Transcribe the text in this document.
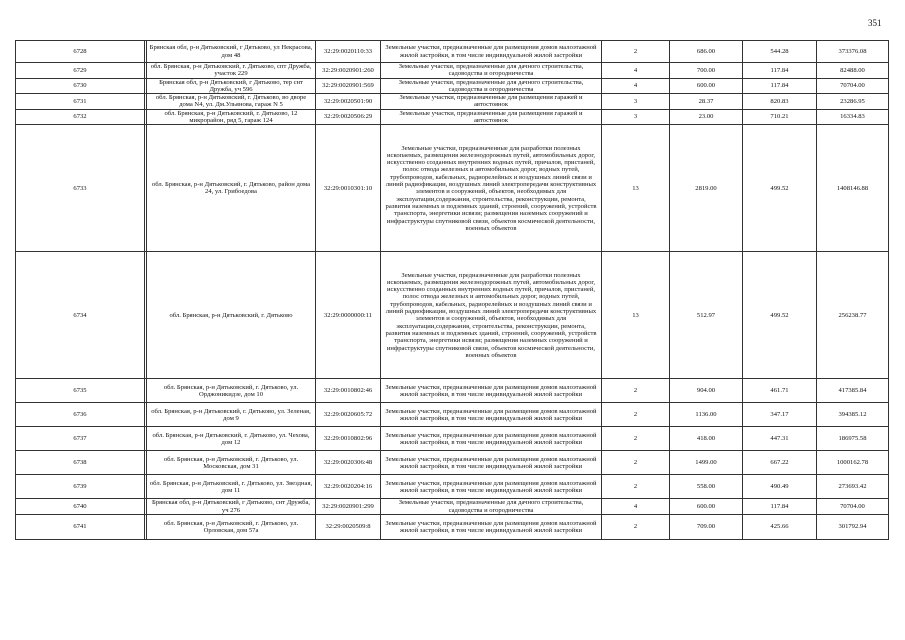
351
6728		Брянская обл, р-н Дятьковский, г Дятьково, ул Некрасова, дом 48	32:29:0020110:33	Земельные участки, предназначенные для размещения домов малоэтажной жилой застройки, в том числе индивидуальной жилой застройки	2	686.00	544.28	373376.08
6729		обл. Брянская, р-н Дятьковский, г. Дятьково, спт Дружба, участок 229	32:29:0020901:260	Земельные участки, предназначенные для дачного строительства, садоводства и огородничества	4	700.00	117.84	82488.00
6730		Брянская обл, р-н Дятьковский, г Дятьково, тер снт Дружба, уч 596	32:29:0020901:569	Земельные участки, предназначенные для дачного строительства, садоводства и огородничества	4	600.00	117.84	70704.00
6731		обл. Брянская, р-н Дятьковский, г. Дятьково, во дворе дома N4, ул. Дм.Ульянова, гараж N 5	32:29:0020501:90	Земельные участки, предназначенные для размещения гаражей и автостоянок	3	28.37	820.83	23286.95
6732		обл. Брянская, р-н Дятьковский, г. Дятьково, 12 микрорайон, ряд 5, гараж 124	32:29:0020506:29	Земельные участки, предназначенные для размещения гаражей и автостоянок	3	23.00	710.21	16334.83
6733		обл. Брянская, р-н Дятьковский, г. Дятьково, район дома 24, ул. Грибоедова	32:29:0010301:10	Земельные участки, предназначенные для разработки полезных ископаемых, размещения железнодорожных путей, автомобильных дорог, искусственно созданных внутренних водных путей, причалов, пристаней, полос отвода железных и автомобильных дорог, водных путей, трубопроводов, кабельных, радиорелейных и воздушных линий связи и линий радиофикации, воздушных линий электропередачи конструктивных элементов и сооружений, объектов, необходимых для эксплуатации,содержания, строительства, реконструкции, ремонта, развития наземных и подземных зданий, строений, сооружений, устройств транспорта, энергетики исвязи; размещения наземных сооружений и инфраструктуры спутниковой связи, объектов космической деятельности, военных объектов	13	2819.00	499.52	1408146.88
6734		обл. Брянская, р-н Дятьковский, г. Дятьково	32:29:0000000:11	Земельные участки, предназначенные для разработки полезных ископаемых, размещения железнодорожных путей, автомобильных дорог, искусственно созданных внутренних водных путей, причалов, пристаней, полос отвода железных и автомобильных дорог, водных путей, трубопроводов, кабельных, радиорелейных и воздушных линий связи и линий радиофикации, воздушных линий электропередачи конструктивных элементов и сооружений, объектов, необходимых для эксплуатации,содержания, строительства, реконструкции, ремонта, развития наземных и подземных зданий, строений, сооружений, устройств транспорта, энергетики исвязи; размещения наземных сооружений и инфраструктуры спутниковой связи, объектов космической деятельности, военных объектов	13	512.97	499.52	256238.77
6735		обл. Брянская, р-н Дятьковский, г. Дятьково, ул. Орджоникидзе, дом 10	32:29:0010802:46	Земельные участки, предназначенные для размещения домов малоэтажной жилой застройки, в том числе индивидуальной жилой застройки	2	904.00	461.71	417385.84
6736		обл. Брянская, р-н Дятьковский, г. Дятьково, ул. Зеленая, дом 9	32:29:0020605:72	Земельные участки, предназначенные для размещения домов малоэтажной жилой застройки, в том числе индивидуальной жилой застройки	2	1136.00	347.17	394385.12
6737		обл. Брянская, р-н Дятьковский, г. Дятьково, ул. Чехова, дом 12	32:29:0010802:96	Земельные участки, предназначенные для размещения домов малоэтажной жилой застройки, в том числе индивидуальной жилой застройки	2	418.00	447.31	186975.58
6738		обл. Брянская, р-н Дятьковский, г. Дятьково, ул. Московская, дом 31	32:29:0020306:48	Земельные участки, предназначенные для размещения домов малоэтажной жилой застройки, в том числе индивидуальной жилой застройки	2	1499.00	667.22	1000162.78
6739		обл. Брянская, р-н Дятьковский, г. Дятьково, ул. Звездная, дом 11	32:29:0020204:16	Земельные участки, предназначенные для размещения домов малоэтажной жилой застройки, в том числе индивидуальной жилой застройки	2	558.00	490.49	273693.42
6740		Брянская обл, р-н Дятьковский, г Дятьково, снт Дружба, уч 276	32:29:0020901:299	Земельные участки, предназначенные для дачного строительства, садоводства и огородничества	4	600.00	117.84	70704.00
6741		обл. Брянская, р-н Дятьковский, г. Дятьково, ул. Орловская, дом 57а	32:29:0020509:8	Земельные участки, предназначенные для размещения домов малоэтажной жилой застройки, в том числе индивидуальной жилой застройки	2	709.00	425.66	301792.94
